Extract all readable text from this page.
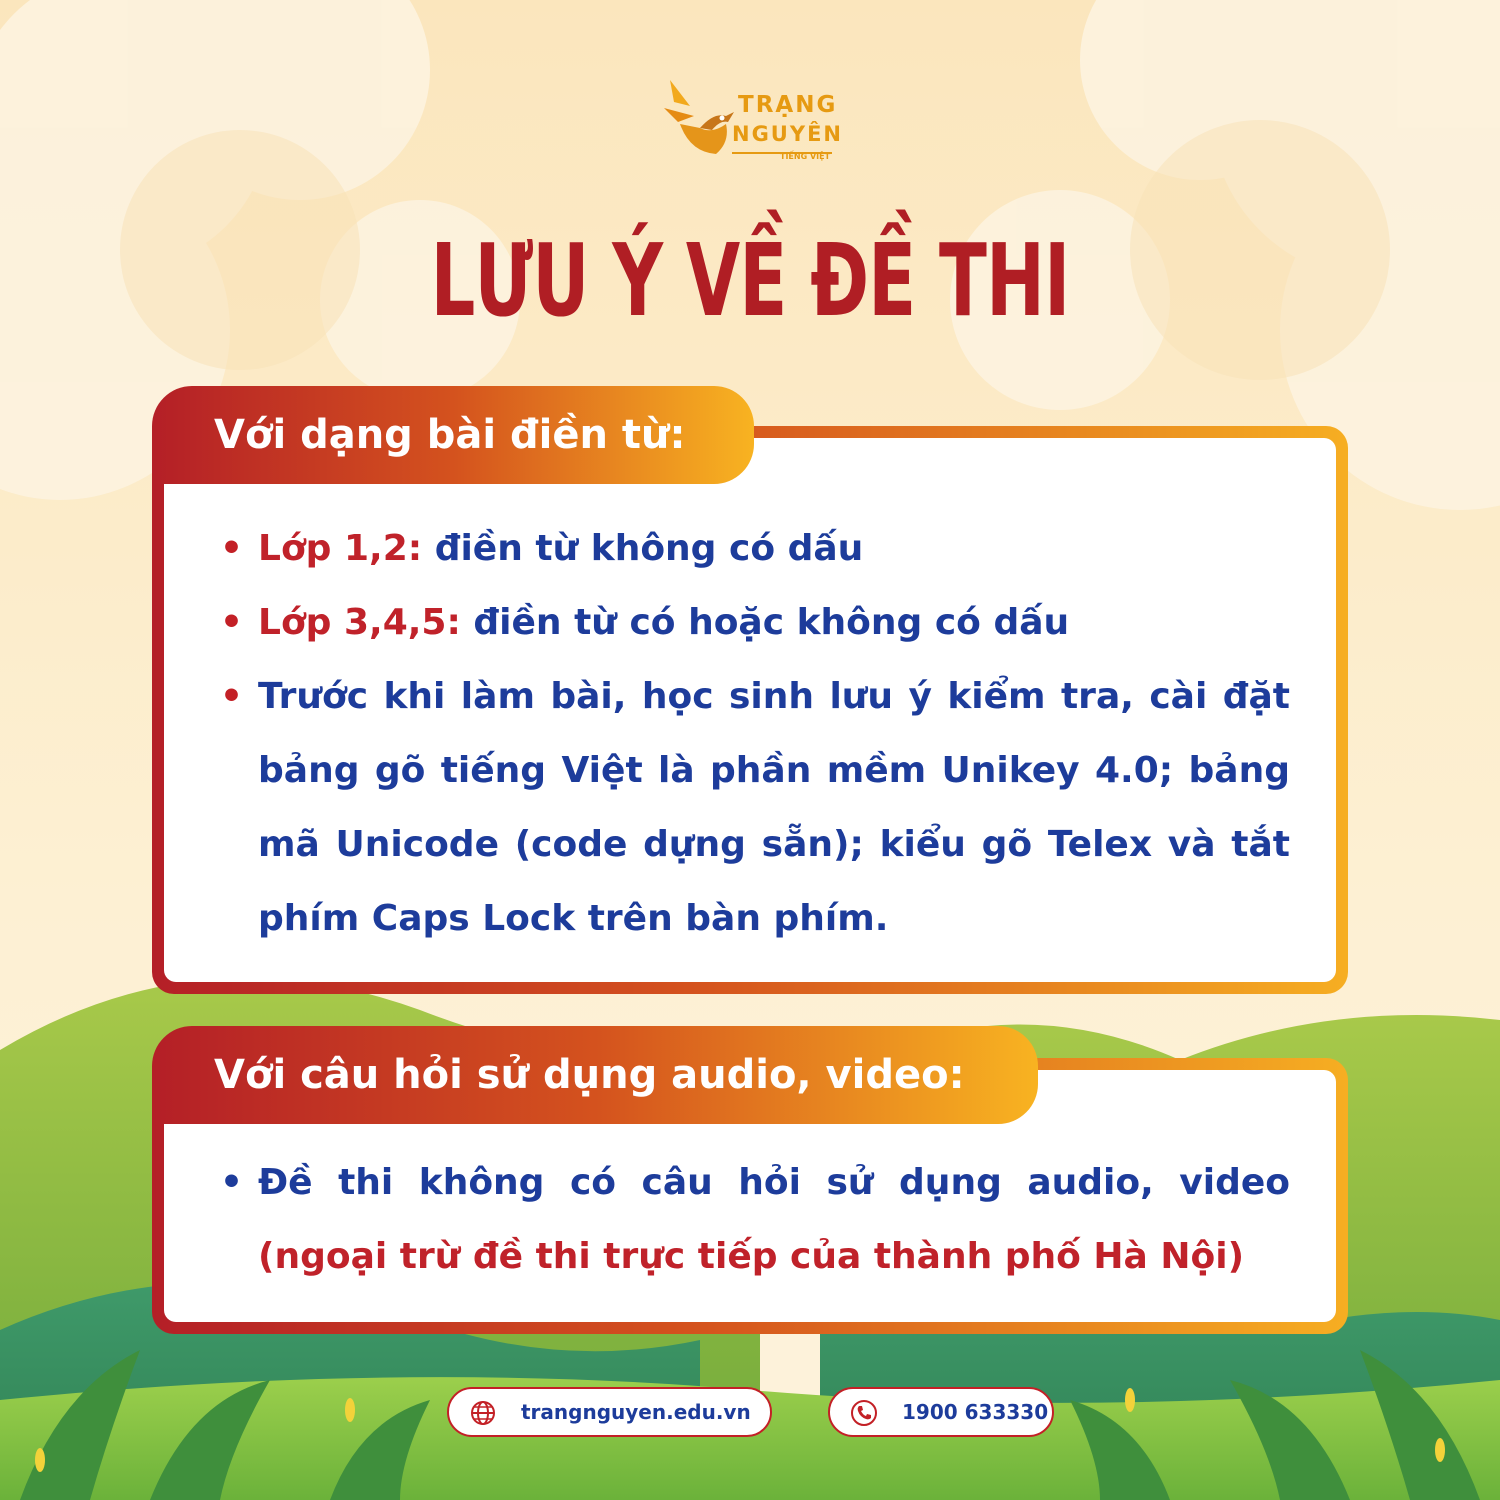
TRẠNG
NGUYÊN
TIẾNG VIỆT
LƯU Ý VỀ ĐỀ THI
Với dạng bài điền từ:
• Lớp 1,2: điền từ không có dấu
• Lớp 3,4,5: điền từ có hoặc không có dấu
• Trước khi làm bài, học sinh lưu ý kiểm tra, cài đặt bảng gõ tiếng Việt là phần mềm Unikey 4.0; bảng mã Unicode (code dựng sẵn); kiểu gõ Telex và tắt phím Caps Lock trên bàn phím.
Với câu hỏi sử dụng audio, video:
• Đề thi không có câu hỏi sử dụng audio, video (ngoại trừ đề thi trực tiếp của thành phố Hà Nội)
trangnguyen.edu.vn	1900 633330
